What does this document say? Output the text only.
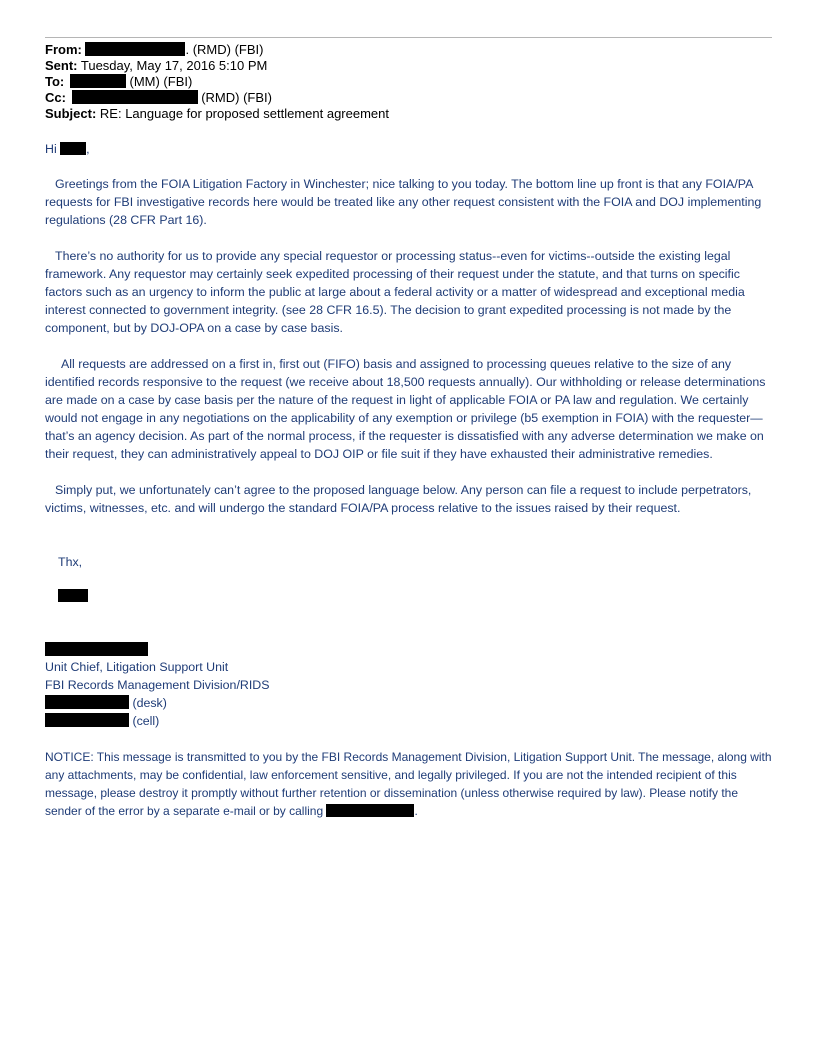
From:	. (RMD) (FBI)
Sent: Tuesday, May 17, 2016 5:10 PM
To:	(MM) (FBI)
Cc:	(RMD) (FBI)
Subject: RE: Language for proposed settlement agreement

Hi ,

Greetings from the FOIA Litigation Factory in Winchester; nice talking to you today. The bottom line up front is that any FOIA/PA requests for FBI investigative records here would be treated like any other request consistent with the FOIA and DOJ implementing regulations (28 CFR Part 16).

There’s no authority for us to provide any special requestor or processing status--even for victims--outside the existing legal framework. Any requestor may certainly seek expedited processing of their request under the statute, and that turns on specific factors such as an urgency to inform the public at large about a federal activity or a matter of widespread and exceptional media interest connected to government integrity. (see 28 CFR 16.5). The decision to grant expedited processing is not made by the component, but by DOJ-OPA on a case by case basis.

All requests are addressed on a first in, first out (FIFO) basis and assigned to processing queues relative to the size of any identified records responsive to the request (we receive about 18,500 requests annually). Our withholding or release determinations are made on a case by case basis per the nature of the request in light of applicable FOIA or PA law and regulation. We certainly would not engage in any negotiations on the applicability of any exemption or privilege (b5 exemption in FOIA) with the requester—that’s an agency decision. As part of the normal process, if the requester is dissatisfied with any adverse determination we make on their request, they can administratively appeal to DOJ OIP or file suit if they have exhausted their administrative remedies.

Simply put, we unfortunately can’t agree to the proposed language below. Any person can file a request to include perpetrators, victims, witnesses, etc. and will undergo the standard FOIA/PA process relative to the issues raised by their request.

Thx,

Unit Chief, Litigation Support Unit

FBI Records Management Division/RIDS

(desk)

(cell)

NOTICE: This message is transmitted to you by the FBI Records Management Division, Litigation Support Unit. The message, along with any attachments, may be confidential, law enforcement sensitive, and legally privileged. If you are not the intended recipient of this message, please destroy it promptly without further retention or dissemination (unless otherwise required by law). Please notify the sender of the error by a separate e-mail or by calling	.
